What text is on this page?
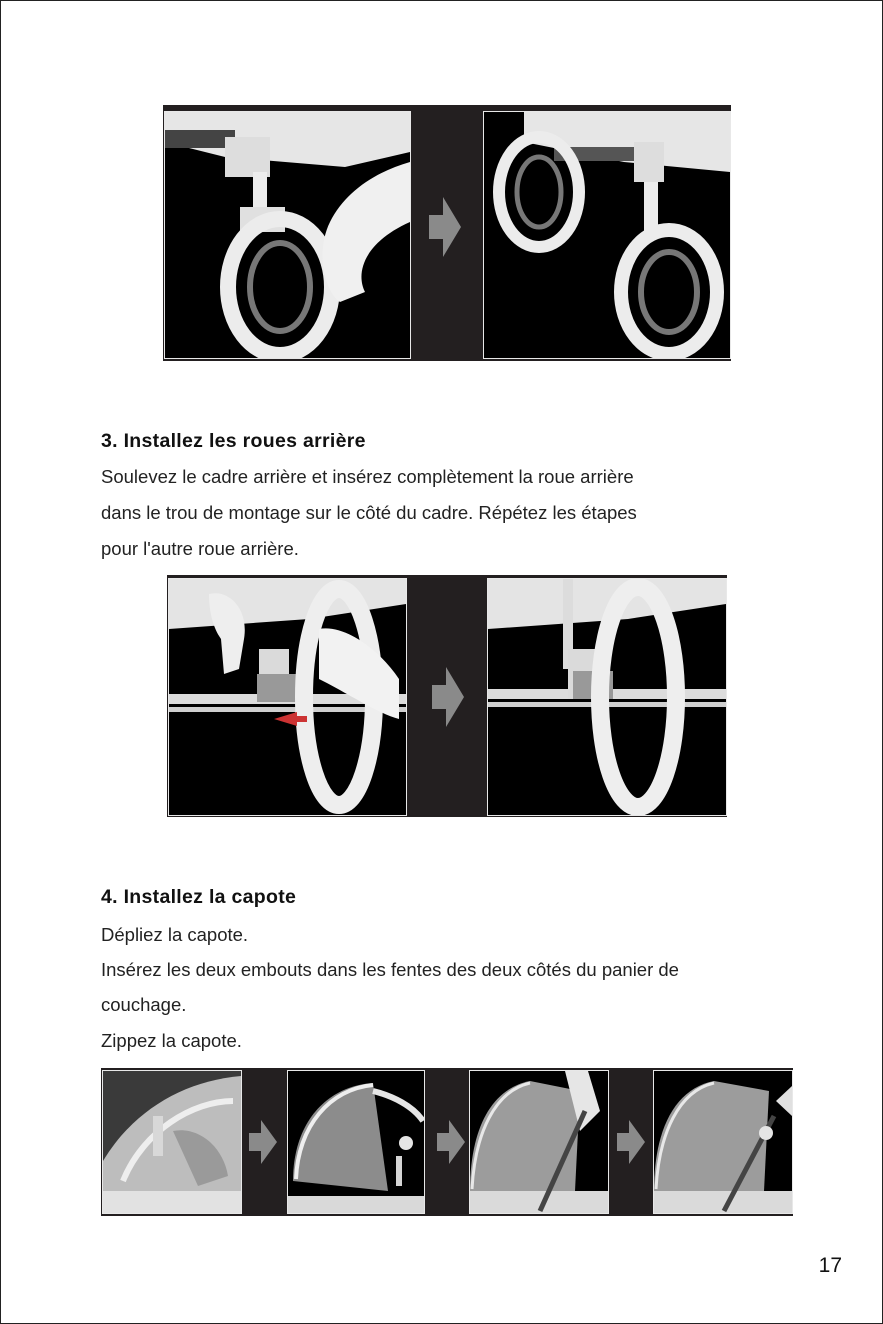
3. Installez les roues arrière

Soulevez le cadre arrière et insérez complètement la roue arrière

dans le trou de montage sur le côté du cadre. Répétez les étapes

pour l'autre roue arrière.

4. Installez la capote

Dépliez la capote.

Insérez les deux embouts dans les fentes des deux côtés du panier de

couchage.

Zippez la capote.

17
